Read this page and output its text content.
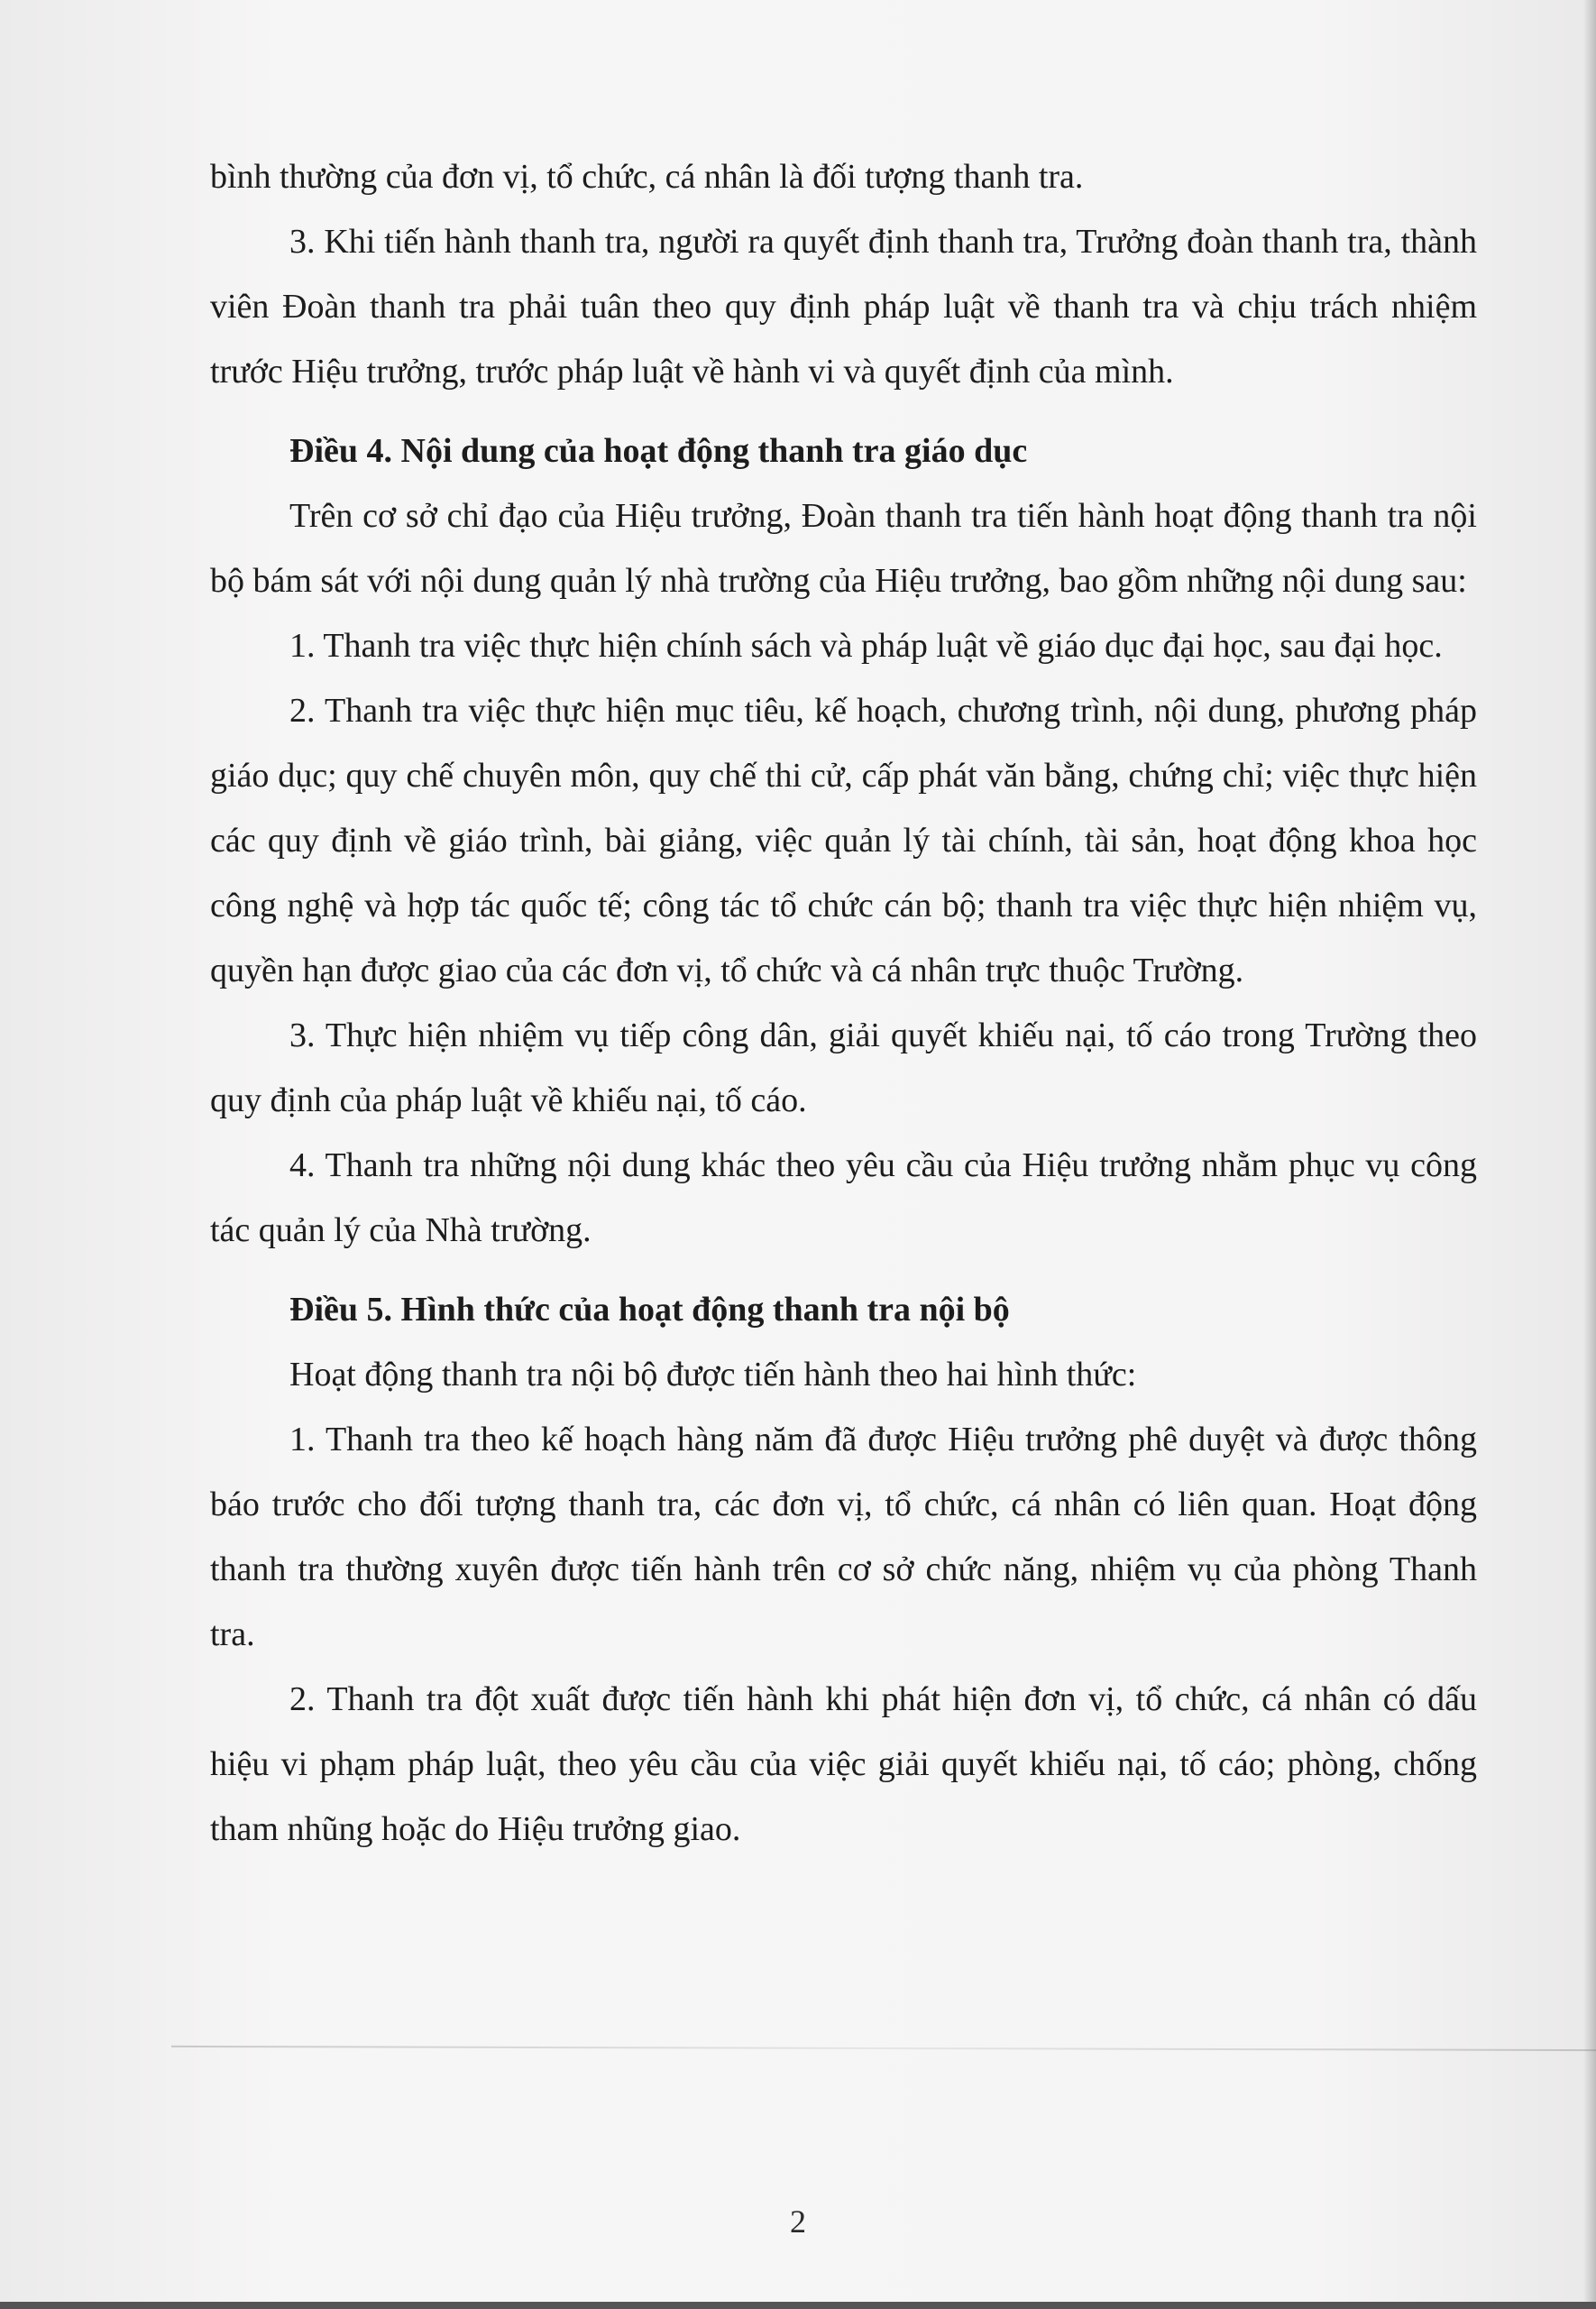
bình thường của đơn vị, tổ chức, cá nhân là đối tượng thanh tra.

3. Khi tiến hành thanh tra, người ra quyết định thanh tra, Trưởng đoàn thanh tra, thành viên Đoàn thanh tra phải tuân theo quy định pháp luật về thanh tra và chịu trách nhiệm trước Hiệu trưởng, trước pháp luật về hành vi và quyết định của mình.

Điều 4. Nội dung của hoạt động thanh tra giáo dục

Trên cơ sở chỉ đạo của Hiệu trưởng, Đoàn thanh tra tiến hành hoạt động thanh tra nội bộ bám sát với nội dung quản lý nhà trường của Hiệu trưởng, bao gồm những nội dung sau:

1. Thanh tra việc thực hiện chính sách và pháp luật về giáo dục đại học, sau đại học.

2. Thanh tra việc thực hiện mục tiêu, kế hoạch, chương trình, nội dung, phương pháp giáo dục; quy chế chuyên môn, quy chế thi cử, cấp phát văn bằng, chứng chỉ; việc thực hiện các quy định về giáo trình, bài giảng, việc quản lý tài chính, tài sản, hoạt động khoa học công nghệ và hợp tác quốc tế; công tác tổ chức cán bộ; thanh tra việc thực hiện nhiệm vụ, quyền hạn được giao của các đơn vị, tổ chức và cá nhân trực thuộc Trường.

3. Thực hiện nhiệm vụ tiếp công dân, giải quyết khiếu nại, tố cáo trong Trường theo quy định của pháp luật về khiếu nại, tố cáo.

4. Thanh tra những nội dung khác theo yêu cầu của Hiệu trưởng nhằm phục vụ công tác quản lý của Nhà trường.

Điều 5. Hình thức của hoạt động thanh tra nội bộ

Hoạt động thanh tra nội bộ được tiến hành theo hai hình thức:

1. Thanh tra theo kế hoạch hàng năm đã được Hiệu trưởng phê duyệt và được thông báo trước cho đối tượng thanh tra, các đơn vị, tổ chức, cá nhân có liên quan. Hoạt động thanh tra thường xuyên được tiến hành trên cơ sở chức năng, nhiệm vụ của phòng Thanh tra.

2. Thanh tra đột xuất được tiến hành khi phát hiện đơn vị, tổ chức, cá nhân có dấu hiệu vi phạm pháp luật, theo yêu cầu của việc giải quyết khiếu nại, tố cáo; phòng, chống tham nhũng hoặc do Hiệu trưởng giao.

2
